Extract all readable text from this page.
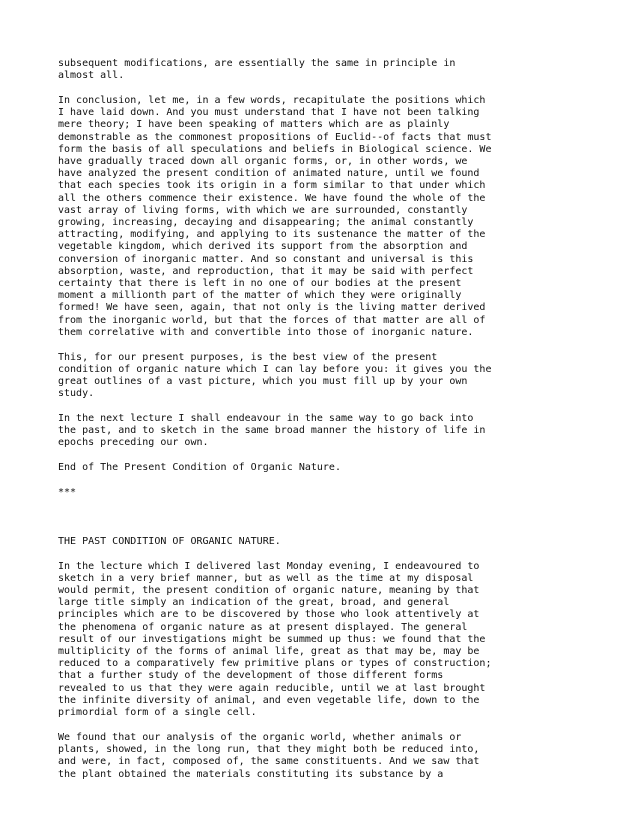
subsequent modifications, are essentially the same in principle in
almost all.

In conclusion, let me, in a few words, recapitulate the positions which
I have laid down. And you must understand that I have not been talking
mere theory; I have been speaking of matters which are as plainly
demonstrable as the commonest propositions of Euclid--of facts that must
form the basis of all speculations and beliefs in Biological science. We
have gradually traced down all organic forms, or, in other words, we
have analyzed the present condition of animated nature, until we found
that each species took its origin in a form similar to that under which
all the others commence their existence. We have found the whole of the
vast array of living forms, with which we are surrounded, constantly
growing, increasing, decaying and disappearing; the animal constantly
attracting, modifying, and applying to its sustenance the matter of the
vegetable kingdom, which derived its support from the absorption and
conversion of inorganic matter. And so constant and universal is this
absorption, waste, and reproduction, that it may be said with perfect
certainty that there is left in no one of our bodies at the present
moment a millionth part of the matter of which they were originally
formed! We have seen, again, that not only is the living matter derived
from the inorganic world, but that the forces of that matter are all of
them correlative with and convertible into those of inorganic nature.

This, for our present purposes, is the best view of the present
condition of organic nature which I can lay before you: it gives you the
great outlines of a vast picture, which you must fill up by your own
study.

In the next lecture I shall endeavour in the same way to go back into
the past, and to sketch in the same broad manner the history of life in
epochs preceding our own.

End of The Present Condition of Organic Nature.

***

THE PAST CONDITION OF ORGANIC NATURE.

In the lecture which I delivered last Monday evening, I endeavoured to
sketch in a very brief manner, but as well as the time at my disposal
would permit, the present condition of organic nature, meaning by that
large title simply an indication of the great, broad, and general
principles which are to be discovered by those who look attentively at
the phenomena of organic nature as at present displayed. The general
result of our investigations might be summed up thus: we found that the
multiplicity of the forms of animal life, great as that may be, may be
reduced to a comparatively few primitive plans or types of construction;
that a further study of the development of those different forms
revealed to us that they were again reducible, until we at last brought
the infinite diversity of animal, and even vegetable life, down to the
primordial form of a single cell.

We found that our analysis of the organic world, whether animals or
plants, showed, in the long run, that they might both be reduced into,
and were, in fact, composed of, the same constituents. And we saw that
the plant obtained the materials constituting its substance by a
